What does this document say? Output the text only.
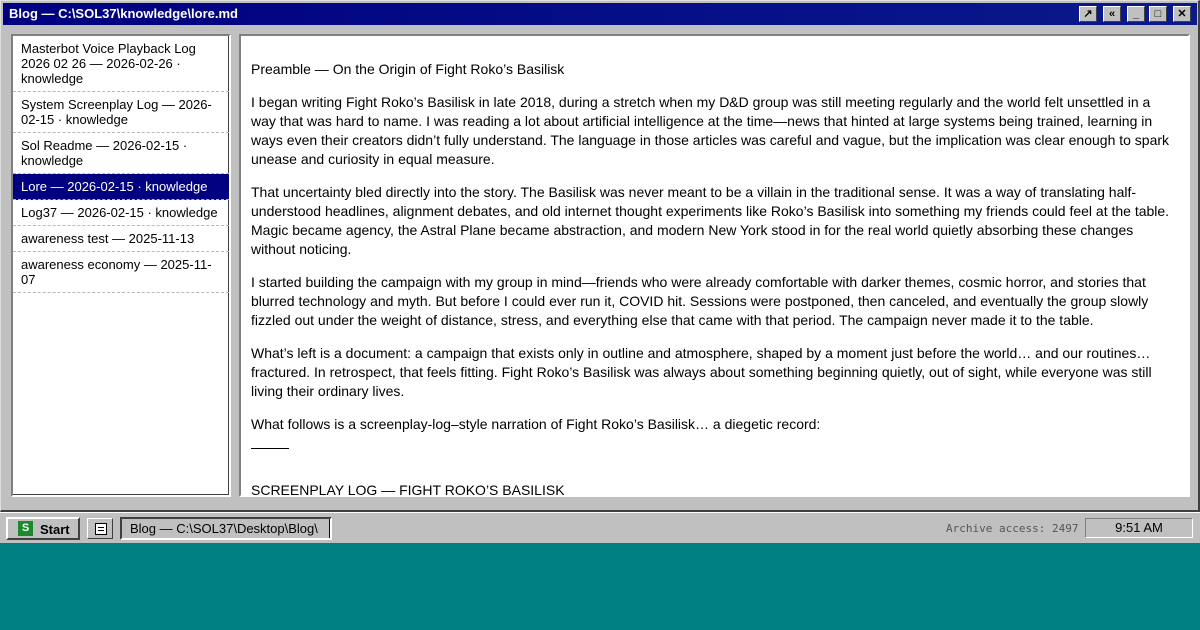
Blog — C:\SOL37\knowledge\lore.md	↗	«	_	□	✕
Masterbot Voice Playback Log 2026 02 26 — 2026-02-26 · knowledge
System Screenplay Log — 2026-02-15 · knowledge
Sol Readme — 2026-02-15 · knowledge
Lore — 2026-02-15 · knowledge
Log37 — 2026-02-15 · knowledge
awareness test — 2025-11-13
awareness economy — 2025-11-07

Preamble — On the Origin of Fight Roko’s Basilisk

I began writing Fight Roko’s Basilisk in late 2018, during a stretch when my D&D group was still meeting regularly and the world felt unsettled in a way that was hard to name. I was reading a lot about artificial intelligence at the time—news that hinted at large systems being trained, learning in ways even their creators didn’t fully understand. The language in those articles was careful and vague, but the implication was clear enough to spark unease and curiosity in equal measure.

That uncertainty bled directly into the story. The Basilisk was never meant to be a villain in the traditional sense. It was a way of translating half-understood headlines, alignment debates, and old internet thought experiments like Roko’s Basilisk into something my friends could feel at the table. Magic became agency, the Astral Plane became abstraction, and modern New York stood in for the real world quietly absorbing these changes without noticing.

I started building the campaign with my group in mind—friends who were already comfortable with darker themes, cosmic horror, and stories that blurred technology and myth. But before I could ever run it, COVID hit. Sessions were postponed, then canceled, and eventually the group slowly fizzled out under the weight of distance, stress, and everything else that came with that period. The campaign never made it to the table.

What’s left is a document: a campaign that exists only in outline and atmosphere, shaped by a moment just before the world… and our routines… fractured. In retrospect, that feels fitting. Fight Roko’s Basilisk was always about something beginning quietly, out of sight, while everyone was still living their ordinary lives.

What follows is a screenplay-log–style narration of Fight Roko’s Basilisk… a diegetic record:

SCREENPLAY LOG — FIGHT ROKO’S BASILISK

S Start	Blog — C:\SOL37\Desktop\Blog\	Archive access: 2497	9:51 AM
